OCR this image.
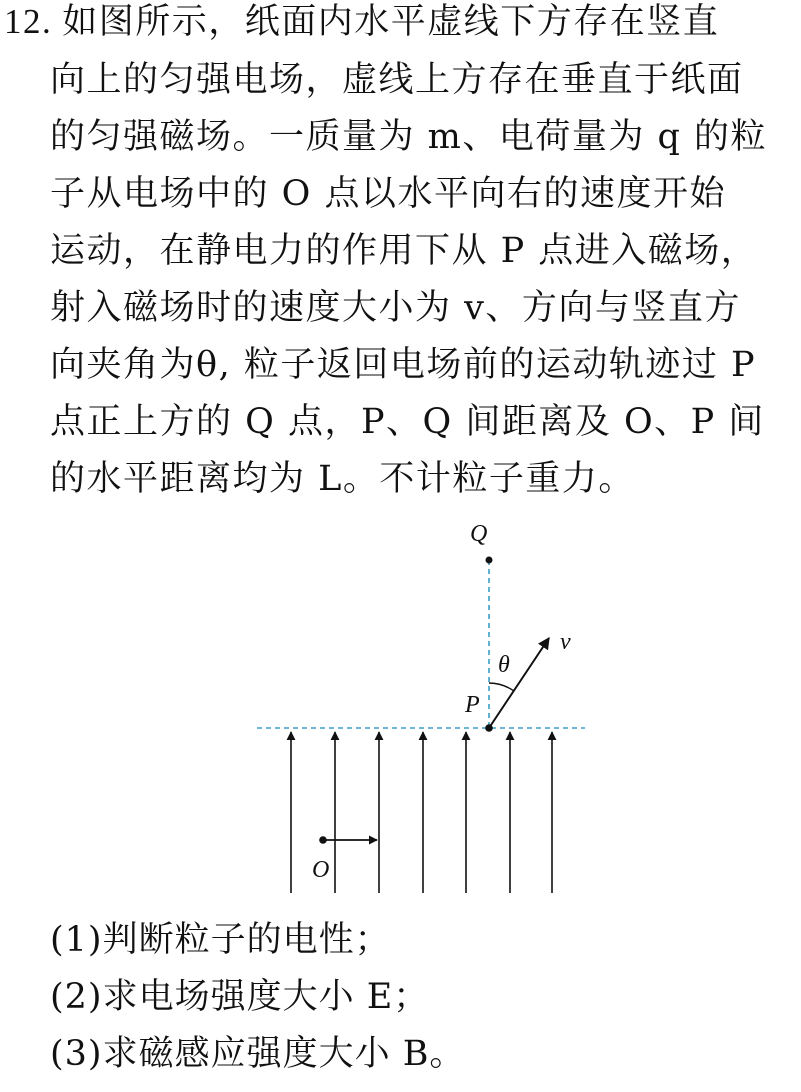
12. 如图所示，纸面内水平虚线下方存在竖直
向上的匀强电场，虚线上方存在垂直于纸面
的匀强磁场。一质量为 m、电荷量为 q 的粒
子从电场中的 O 点以水平向右的速度开始
运动，在静电力的作用下从 P 点进入磁场，
射入磁场时的速度大小为 v、方向与竖直方
向夹角为θ, 粒子返回电场前的运动轨迹过 P
点正上方的 Q 点，P、Q 间距离及 O、P 间
的水平距离均为 L。不计粒子重力。
Q
P
v
θ
O
(1)判断粒子的电性；
(2)求电场强度大小 E；
(3)求磁感应强度大小 B。
